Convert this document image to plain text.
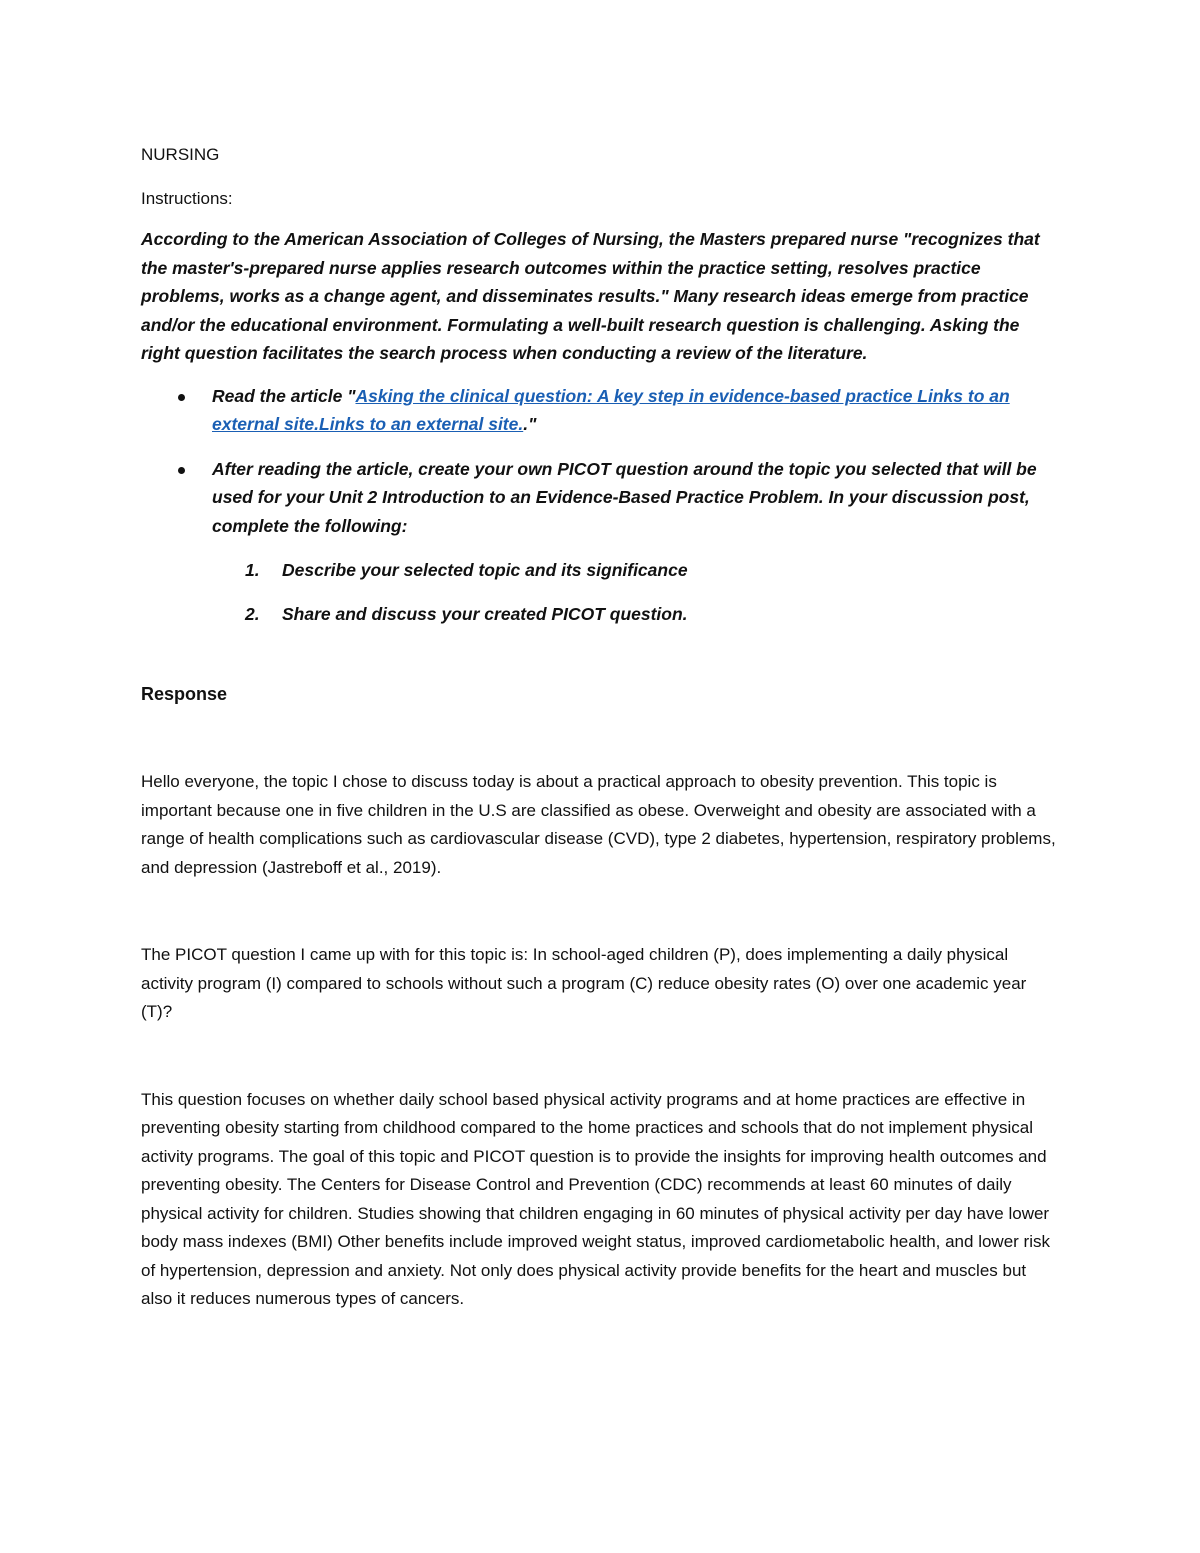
NURSING

Instructions:

According to the American Association of Colleges of Nursing, the Masters prepared nurse "recognizes that the master's-prepared nurse applies research outcomes within the practice setting, resolves practice problems, works as a change agent, and disseminates results." Many research ideas emerge from practice and/or the educational environment. Formulating a well-built research question is challenging. Asking the right question facilitates the search process when conducting a review of the literature.

Read the article "Asking the clinical question: A key step in evidence-based practice Links to an external site.Links to an external site.."
After reading the article, create your own PICOT question around the topic you selected that will be used for your Unit 2 Introduction to an Evidence-Based Practice Problem. In your discussion post, complete the following:
1. Describe your selected topic and its significance
2. Share and discuss your created PICOT question.

Response

Hello everyone, the topic I chose to discuss today is about a practical approach to obesity prevention. This topic is important because one in five children in the U.S are classified as obese. Overweight and obesity are associated with a range of health complications such as cardiovascular disease (CVD), type 2 diabetes, hypertension, respiratory problems, and depression (Jastreboff et al., 2019).

The PICOT question I came up with for this topic is: In school-aged children (P), does implementing a daily physical activity program (I) compared to schools without such a program (C) reduce obesity rates (O) over one academic year (T)?

This question focuses on whether daily school based physical activity programs and at home practices are effective in preventing obesity starting from childhood compared to the home practices and schools that do not implement physical activity programs. The goal of this topic and PICOT question is to provide the insights for improving health outcomes and preventing obesity. The Centers for Disease Control and Prevention (CDC) recommends at least 60 minutes of daily physical activity for children. Studies showing that children engaging in 60 minutes of physical activity per day have lower body mass indexes (BMI) Other benefits include improved weight status, improved cardiometabolic health, and lower risk of hypertension, depression and anxiety. Not only does physical activity provide benefits for the heart and muscles but also it reduces numerous types of cancers.
